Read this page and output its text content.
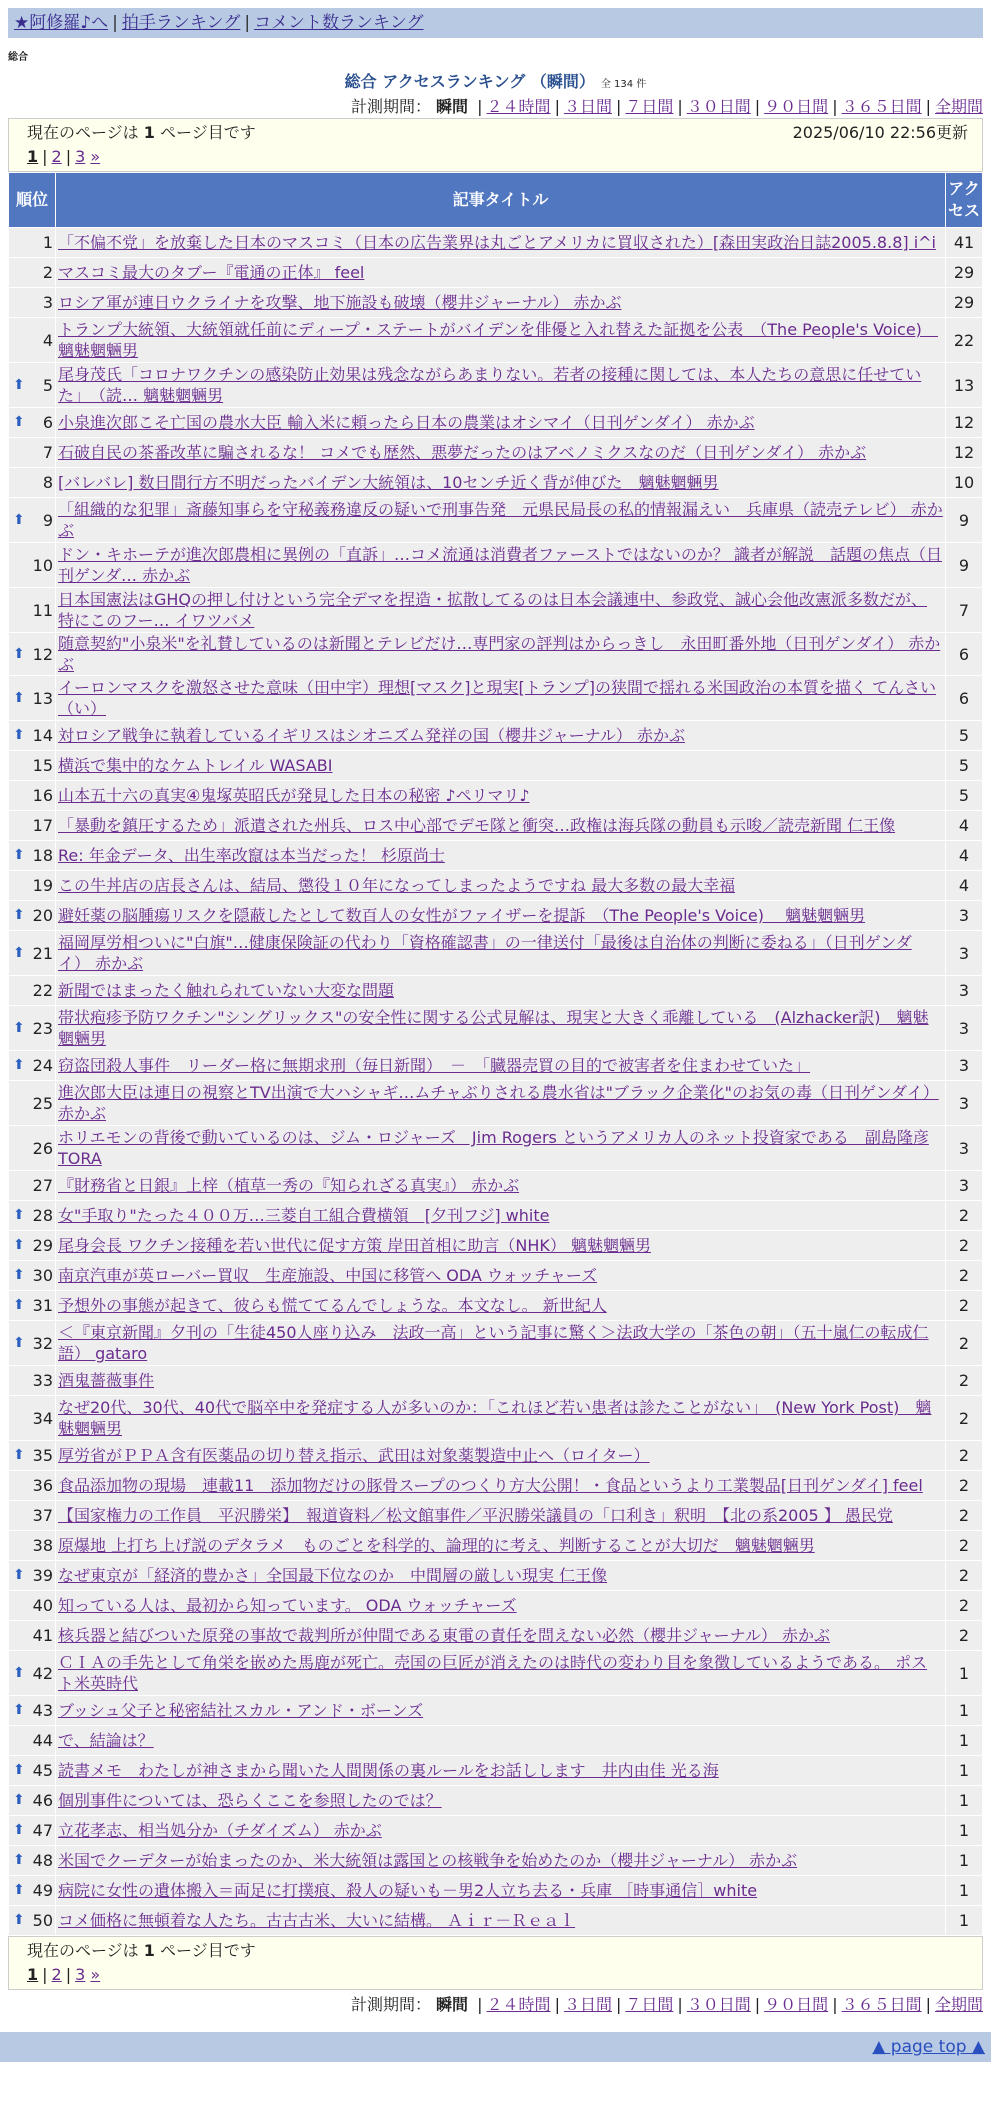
★阿修羅♪へ | 拍手ランキング | コメント数ランキング
総合
総合 アクセスランキング （瞬間） 全 134 件
計測期間： 瞬間 | ２４時間 | ３日間 | ７日間 | ３０日間 | ９０日間 | ３６５日間 | 全期間
現在のページは 1 ページ目です	2025/06/10 22:56更新
1 | 2 | 3 »
順位	記事タイトル	アクセス
1	「不偏不党」を放棄した日本のマスコミ（日本の広告業界は丸ごとアメリカに買収された）[森田実政治日誌2005.8.8] i^i	41
2	マスコミ最大のタブー『電通の正体』 feel	29
3	ロシア軍が連日ウクライナを攻撃、地下施設も破壊（櫻井ジャーナル） 赤かぶ	29
4	トランプ大統領、大統領就任前にディープ・ステートがバイデンを俳優と入れ替えた証拠を公表　（The People's Voice)　魑魅魍魎男	22

⬆ 5	尾身茂氏「コロナワクチンの感染防止効果は残念ながらあまりない。若者の接種に関しては、本人たちの意思に任せていた」　（読… 魑魅魍魎男	13

⬆ 6	小泉進次郎こそ亡国の農水大臣 輸入米に頼ったら日本の農業はオシマイ（日刊ゲンダイ） 赤かぶ	12
7	石破自民の茶番改革に騙されるな！ コメでも歴然、悪夢だったのはアベノミクスなのだ（日刊ゲンダイ） 赤かぶ	12
8	[バレバレ] 数日間行方不明だったバイデン大統領は、10センチ近く背が伸びた　魑魅魍魎男	10

⬆ 9	「組織的な犯罪」斎藤知事らを守秘義務違反の疑いで刑事告発　元県民局長の私的情報漏えい　兵庫県（読売テレビ） 赤かぶ	9
10	ドン・キホーテが進次郎農相に異例の「直訴」…コメ流通は消費者ファーストではないのか？ 識者が解説　話題の焦点（日刊ゲンダ… 赤かぶ	9
11	日本国憲法はGHQの押し付けという完全デマを捏造・拡散してるのは日本会議連中、参政党、誠心会他改憲派多数だが、特にこのフー… イワツバメ	7

⬆ 12	随意契約"小泉米"を礼賛しているのは新聞とテレビだけ…専門家の評判はからっきし　永田町番外地（日刊ゲンダイ） 赤かぶ	6

⬆ 13	イーロンマスクを激怒させた意味（田中宇）理想[マスク]と現実[トランプ]の狭間で揺れる米国政治の本質を描く てんさい（い）	6

⬆ 14	対ロシア戦争に執着しているイギリスはシオニズム発祥の国（櫻井ジャーナル） 赤かぶ	5
15	横浜で集中的なケムトレイル WASABI	5
16	山本五十六の真実④鬼塚英昭氏が発見した日本の秘密 ♪ペリマリ♪	5
17	「暴動を鎮圧するため」派遣された州兵、ロス中心部でデモ隊と衝突…政権は海兵隊の動員も示唆／読売新聞 仁王像	4

⬆ 18	Re: 年金データ、出生率改竄は本当だった！ 杉原尚士	4
19	この牛丼店の店長さんは、結局、懲役１０年になってしまったようですね 最大多数の最大幸福	4

⬆ 20	避妊薬の脳腫瘍リスクを隠蔽したとして数百人の女性がファイザーを提訴　（The People's Voice)　 魑魅魍魎男	3

⬆ 21	福岡厚労相ついに"白旗"…健康保険証の代わり「資格確認書」の一律送付「最後は自治体の判断に委ねる」（日刊ゲンダイ） 赤かぶ	3
22	新聞ではまったく触れられていない大変な問題	3

⬆ 23	帯状疱疹予防ワクチン"シングリックス"の安全性に関する公式見解は、現実と大きく乖離している　(Alzhacker訳)　魑魅魍魎男	3

⬆ 24	窃盗団殺人事件　リーダー格に無期求刑（毎日新聞）　－　「臓器売買の目的で被害者を住まわせていた」	3
25	進次郎大臣は連日の視察とTV出演で大ハシャギ…ムチャぶりされる農水省は"ブラック企業化"のお気の毒（日刊ゲンダイ） 赤かぶ	3
26	ホリエモンの背後で動いているのは、ジム・ロジャーズ　Jim Rogers というアメリカ人のネット投資家である　副島隆彦 TORA	3
27	『財務省と日銀』上梓（植草一秀の『知られざる真実』） 赤かぶ	3

⬆ 28	女"手取り"たった４００万…三菱自工組合費横領　[夕刊フジ] white	2

⬆ 29	尾身会長 ワクチン接種を若い世代に促す方策 岸田首相に助言（NHK） 魑魅魍魎男	2

⬆ 30	南京汽車が英ローバー買収　生産施設、中国に移管へ ODA ウォッチャーズ	2

⬆ 31	予想外の事態が起きて、彼らも慌ててるんでしょうな。本文なし。 新世紀人	2

⬆ 32	＜『東京新聞』夕刊の「生徒450人座り込み　法政一高」という記事に驚く＞法政大学の「茶色の朝」（五十嵐仁の転成仁語） gataro	2
33	酒鬼薔薇事件	2
34	なぜ20代、30代、40代で脳卒中を発症する人が多いのか：「これほど若い患者は診たことがない」　(New York Post)　魑魅魍魎男	2

⬆ 35	厚労省がＰＰＡ含有医薬品の切り替え指示、武田は対象薬製造中止へ（ロイター）	2
36	食品添加物の現場　連載11　添加物だけの豚骨スープのつくり方大公開！・食品というより工業製品[日刊ゲンダイ] feel	2
37	【国家権力の工作員　平沢勝栄】　報道資料／松文館事件／平沢勝栄議員の「口利き」釈明　【北の系2005 】 愚民党	2
38	原爆地 上打ち上げ説のデタラメ　ものごとを科学的、論理的に考え、判断することが大切だ　魑魅魍魎男	2

⬆ 39	なぜ東京が「経済的豊かさ」全国最下位なのか　中間層の厳しい現実 仁王像	2
40	知っている人は、最初から知っています。 ODA ウォッチャーズ	2
41	核兵器と結びついた原発の事故で裁判所が仲間である東電の責任を問えない必然（櫻井ジャーナル） 赤かぶ	2

⬆ 42	ＣＩＡの手先として角栄を嵌めた馬鹿が死亡。売国の巨匠が消えたのは時代の変わり目を象徴しているようである。 ポスト米英時代	1

⬆ 43	ブッシュ父子と秘密結社スカル・アンド・ボーンズ	1
44	で、結論は？	1

⬆ 45	読書メモ　わたしが神さまから聞いた人間関係の裏ルールをお話しします　井内由佳 光る海	1

⬆ 46	個別事件については、恐らくここを参照したのでは？	1

⬆ 47	立花孝志、相当処分か（チダイズム） 赤かぶ	1

⬆ 48	米国でクーデターが始まったのか、米大統領は露国との核戦争を始めたのか（櫻井ジャーナル） 赤かぶ	1

⬆ 49	病院に女性の遺体搬入＝両足に打撲痕、殺人の疑いも－男2人立ち去る・兵庫 ［時事通信］white	1

⬆ 50	コメ価格に無頓着な人たち。古古古米、大いに結構。 Ａｉｒ－Ｒｅａｌ	1
現在のページは 1 ページ目です
1 | 2 | 3 »
計測期間： 瞬間 | ２４時間 | ３日間 | ７日間 | ３０日間 | ９０日間 | ３６５日間 | 全期間
▲ page top ▲
